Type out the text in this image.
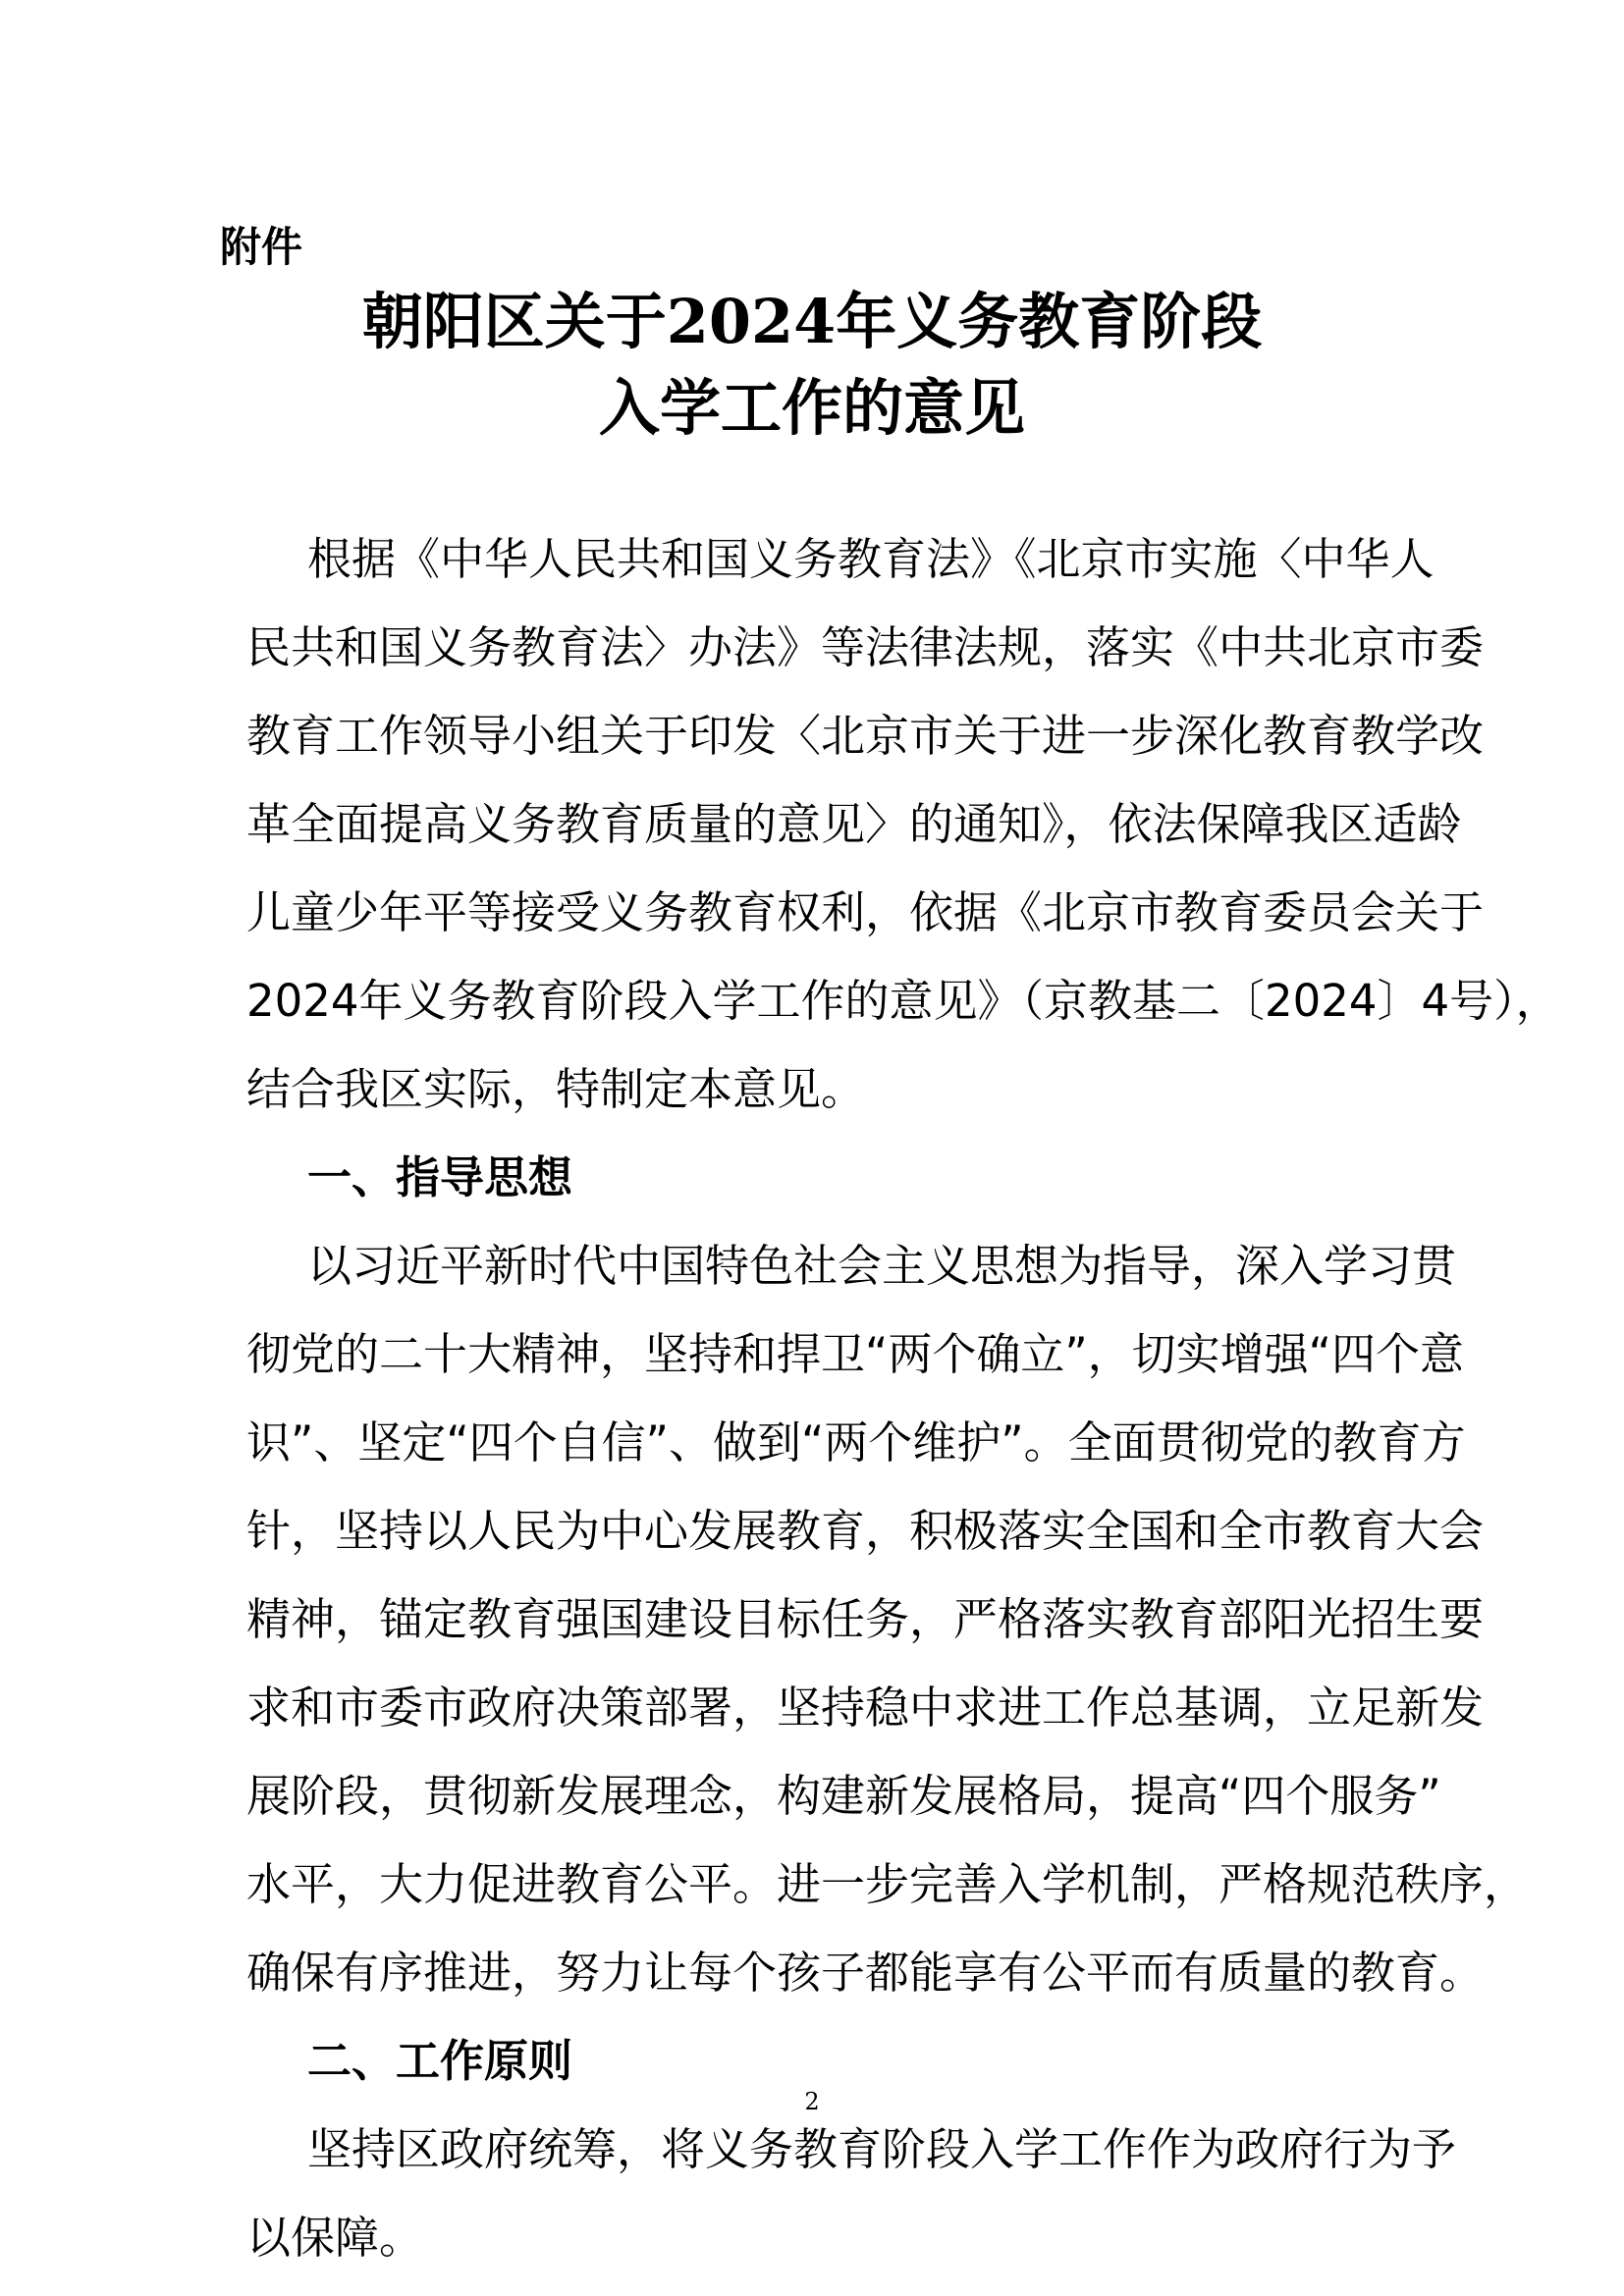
附件

朝阳区关于2024年义务教育阶段
入学工作的意见

根据《中华人民共和国义务教育法》《北京市实施〈中华人

民共和国义务教育法〉办法》等法律法规，落实《中共北京市委

教育工作领导小组关于印发〈北京市关于进一步深化教育教学改

革全面提高义务教育质量的意见〉的通知》，依法保障我区适龄

儿童少年平等接受义务教育权利，依据《北京市教育委员会关于

2024年义务教育阶段入学工作的意见》（京教基二〔2024〕4号），

结合我区实际，特制定本意见。

一、指导思想

以习近平新时代中国特色社会主义思想为指导，深入学习贯

彻党的二十大精神，坚持和捍卫“两个确立”，切实增强“四个意

识”、坚定“四个自信”、做到“两个维护”。全面贯彻党的教育方

针，坚持以人民为中心发展教育，积极落实全国和全市教育大会

精神，锚定教育强国建设目标任务，严格落实教育部阳光招生要

求和市委市政府决策部署，坚持稳中求进工作总基调，立足新发

展阶段，贯彻新发展理念，构建新发展格局，提高“四个服务”

水平，大力促进教育公平。进一步完善入学机制，严格规范秩序，

确保有序推进，努力让每个孩子都能享有公平而有质量的教育。

二、工作原则

坚持区政府统筹，将义务教育阶段入学工作作为政府行为予

以保障。

2
